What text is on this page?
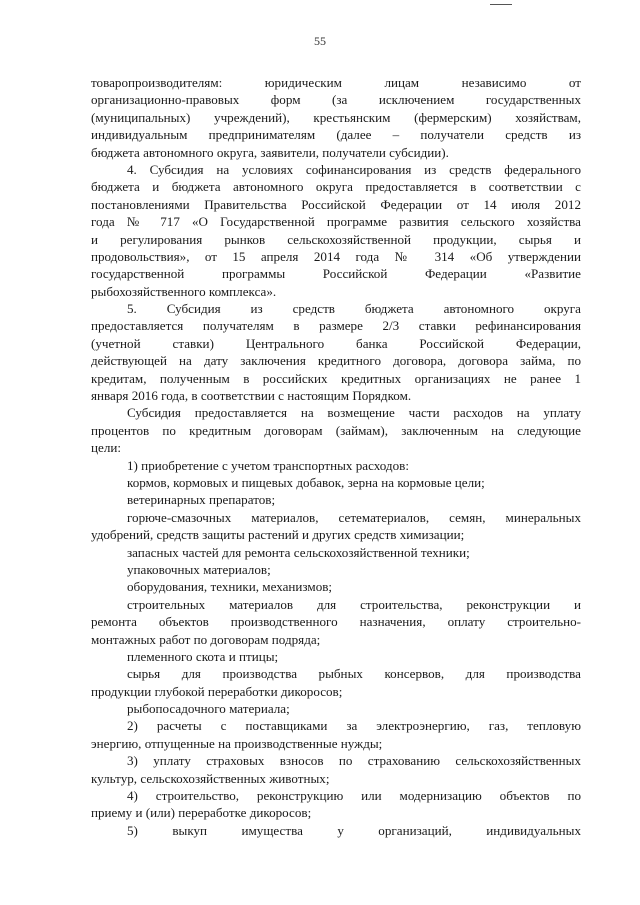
55
товаропроизводителям: юридическим лицам независимо от
организационно-правовых форм (за исключением государственных
(муниципальных) учреждений), крестьянским (фермерским) хозяйствам,
индивидуальным предпринимателям (далее – получатели средств из
бюджета автономного округа, заявители, получатели субсидии).
4. Субсидия на условиях софинансирования из средств федерального
бюджета и бюджета автономного округа предоставляется в соответствии с
постановлениями Правительства Российской Федерации от 14 июля 2012
года № 717 «О Государственной программе развития сельского хозяйства
и регулирования рынков сельскохозяйственной продукции, сырья и
продовольствия», от 15 апреля 2014 года № 314 «Об утверждении
государственной программы Российской Федерации «Развитие
рыбохозяйственного комплекса».
5. Субсидия из средств бюджета автономного округа
предоставляется получателям в размере 2/3 ставки рефинансирования
(учетной ставки) Центрального банка Российской Федерации,
действующей на дату заключения кредитного договора, договора займа, по
кредитам, полученным в российских кредитных организациях не ранее 1
января 2016 года, в соответствии с настоящим Порядком.
Субсидия предоставляется на возмещение части расходов на уплату
процентов по кредитным договорам (займам), заключенным на следующие
цели:
1) приобретение с учетом транспортных расходов:
кормов, кормовых и пищевых добавок, зерна на кормовые цели;
ветеринарных препаратов;
горюче-смазочных материалов, сетематериалов, семян, минеральных
удобрений, средств защиты растений и других средств химизации;
запасных частей для ремонта сельскохозяйственной техники;
упаковочных материалов;
оборудования, техники, механизмов;
строительных материалов для строительства, реконструкции и
ремонта объектов производственного назначения, оплату строительно-
монтажных работ по договорам подряда;
племенного скота и птицы;
сырья для производства рыбных консервов, для производства
продукции глубокой переработки дикоросов;
рыбопосадочного материала;
2) расчеты с поставщиками за электроэнергию, газ, тепловую
энергию, отпущенные на производственные нужды;
3) уплату страховых взносов по страхованию сельскохозяйственных
культур, сельскохозяйственных животных;
4) строительство, реконструкцию или модернизацию объектов по
приему и (или) переработке дикоросов;
5) выкуп имущества у организаций, индивидуальных
